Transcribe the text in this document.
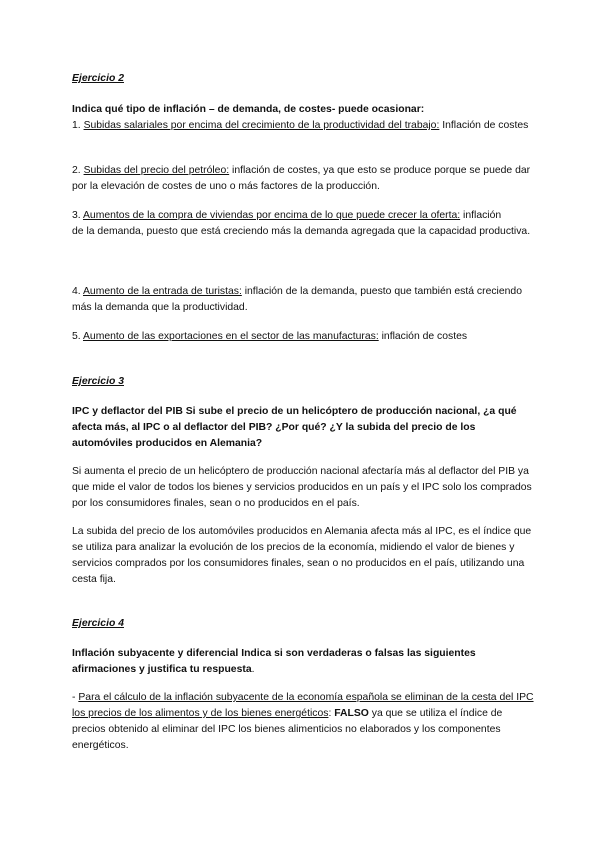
Ejercicio 2
Indica qué tipo de inflación – de demanda, de costes- puede ocasionar:

1. Subidas salariales por encima del crecimiento de la productividad del trabajo: Inflación de costes

2. Subidas del precio del petróleo: inflación de costes, ya que esto se produce porque se puede dar por la elevación de costes de uno o más factores de la producción.

3. Aumentos de la compra de viviendas por encima de lo que puede crecer la oferta: inflación

de la demanda, puesto que está creciendo más la demanda agregada que la capacidad productiva.

4. Aumento de la entrada de turistas: inflación de la demanda, puesto que también está creciendo más la demanda que la productividad.

5. Aumento de las exportaciones en el sector de las manufacturas: inflación de costes

Ejercicio 3

IPC y deflactor del PIB Si sube el precio de un helicóptero de producción nacional, ¿a qué afecta más, al IPC o al deflactor del PIB? ¿Por qué? ¿Y la subida del precio de los automóviles producidos en Alemania?

Si aumenta el precio de un helicóptero de producción nacional afectaría más al deflactor del PIB ya que mide el valor de todos los bienes y servicios producidos en un país y el IPC solo los comprados por los consumidores finales, sean o no producidos en el país.

La subida del precio de los automóviles producidos en Alemania afecta más al IPC, es el índice que se utiliza para analizar la evolución de los precios de la economía, midiendo el valor de bienes y servicios comprados por los consumidores finales, sean o no producidos en el país, utilizando una cesta fija.

Ejercicio 4

Inflación subyacente y diferencial Indica si son verdaderas o falsas las siguientes afirmaciones y justifica tu respuesta.

- Para el cálculo de la inflación subyacente de la economía española se eliminan de la cesta del IPC los precios de los alimentos y de los bienes energéticos: FALSO ya que se utiliza el índice de precios obtenido al eliminar del IPC los bienes alimenticios no elaborados y los componentes energéticos.
